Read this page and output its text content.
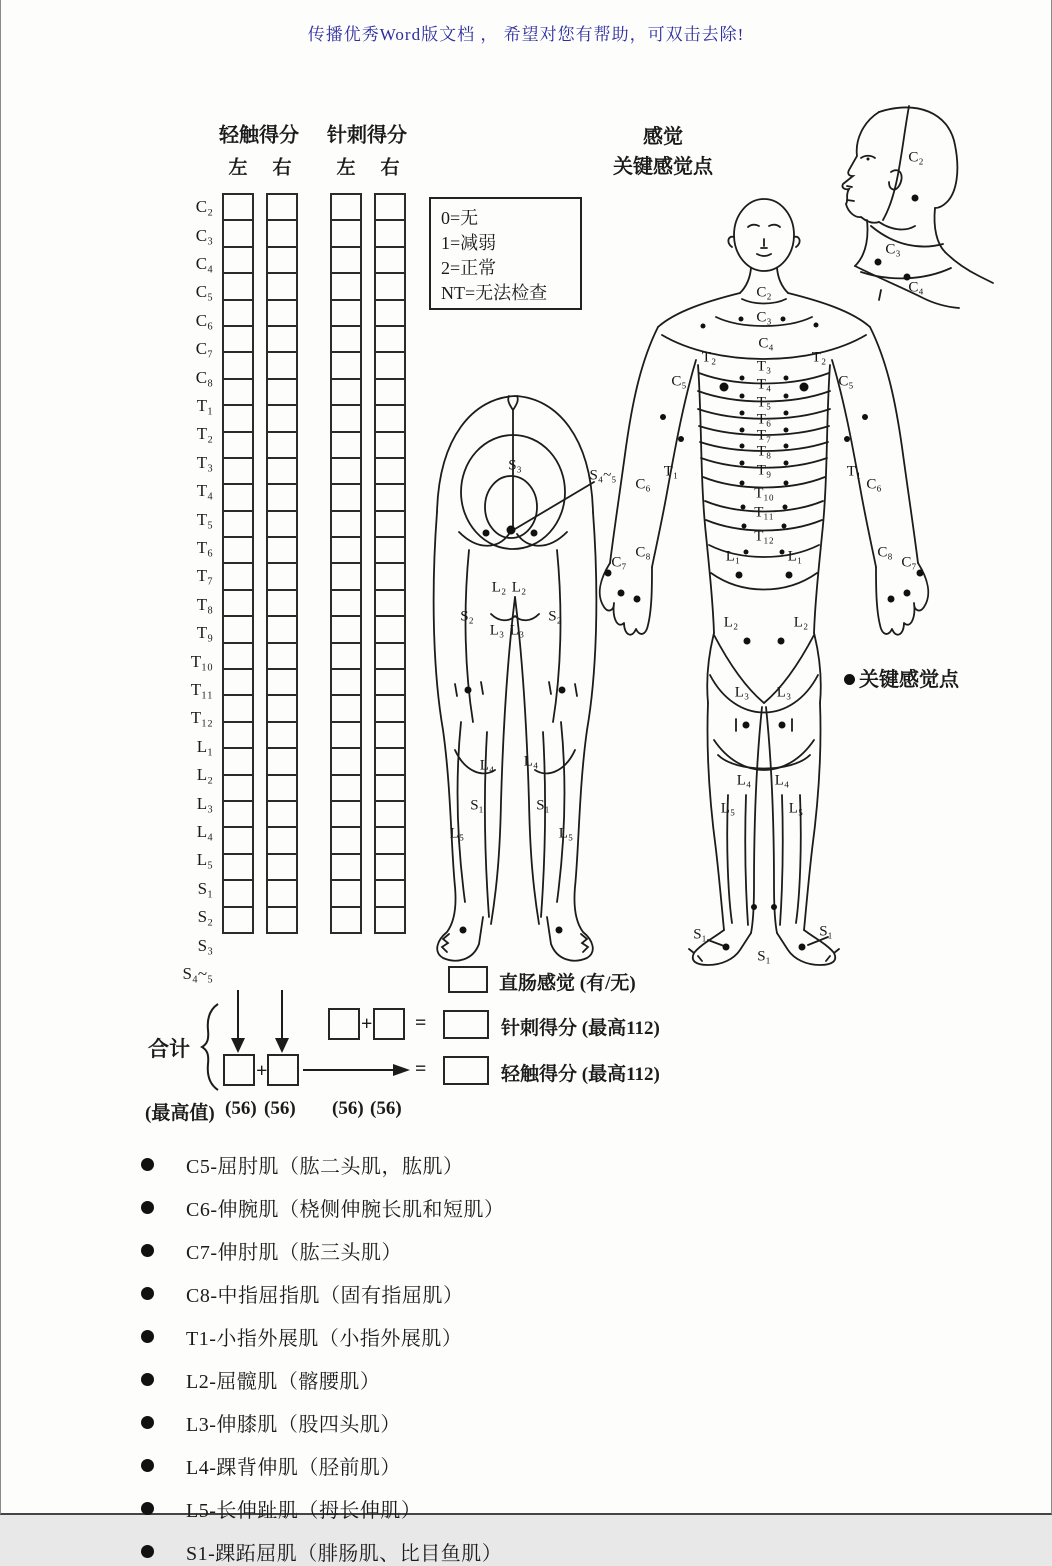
传播优秀Word版文档 ， 希望对您有帮助，可双击去除!
轻触得分 针刺得分
左 右 左 右
C₂
C₃
C₄
C₅
C₆
C₇
C₈
T₁
T₂
T₃
T₄
T₅
T₆
T₇
T₈
T₉
T₁₀
T₁₁
T₁₂
L₁
L₂
L₃
L₄
L₅
S₁
S₂
S₃
S₄~₅
0=无
1=减弱
2=正常
NT=无法检查
感觉
关键感觉点
关键感觉点
C₂
C₃
C₄
S₃
S₄~₅
L₂ L₂
S₂	S₂
L₃ L₃
L₄ L₄
S₁	S₁
L₅	L₅
C₂
C₃
C₄
T₂	T₂
C₅	C₅
T₃
T₄
T₅
T₆
T₇
T₈
T₉
T₁₀
T₁₁
T₁₂
T₁	T₁
C₆	C₆
C₈
C₇
C₈
C₇
L₁	L₁
L₂	L₂
L₃ L₃
L₄ L₄
L₅	L₅
S₁	S₁
S₁
合计
直肠感觉 (有/无)
+ =	针刺得分 (最高112)
+	=	轻触得分 (最高112)
(最高值) (56) (56) (56) (56)
C5-屈肘肌（肱二头肌，肱肌）
C6-伸腕肌（桡侧伸腕长肌和短肌）
C7-伸肘肌（肱三头肌）
C8-中指屈指肌（固有指屈肌）
T1-小指外展肌（小指外展肌）
L2-屈髋肌（髂腰肌）
L3-伸膝肌（股四头肌）
L4-踝背伸肌（胫前肌）
L5-长伸趾肌（拇长伸肌）
S1-踝跖屈肌（腓肠肌、比目鱼肌）
